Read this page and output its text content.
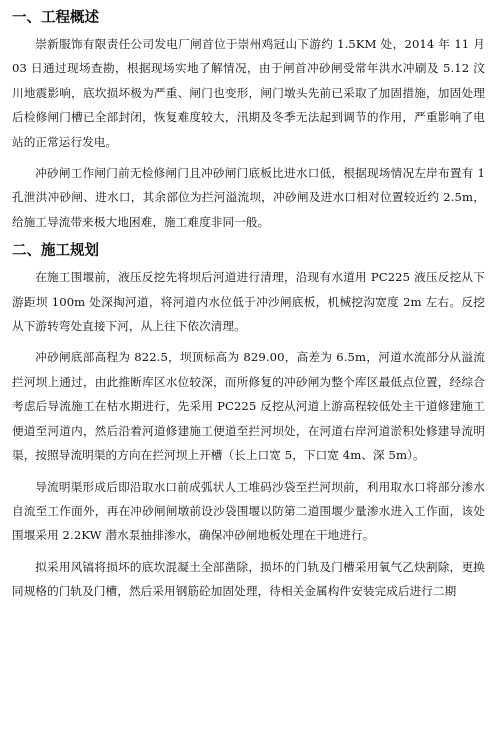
一、工程概述

崇新服饰有限责任公司发电厂闸首位于崇州鸡冠山下游约 1.5KM 处，2014 年 11 月 03 日通过现场查勘，根据现场实地了解情况，由于闸首冲砂闸受常年洪水冲刷及 5.12 汶川地震影响，底坎损坏极为严重、闸门也变形，闸门墩头先前已采取了加固措施，加固处理后检修闸门槽已全部封闭，恢复难度较大，汛期及冬季无法起到调节的作用，严重影响了电站的正常运行发电。

冲砂闸工作闸门前无检修闸门且冲砂闸门底板比进水口低，根据现场情况左岸布置有 1 孔泄洪冲砂闸、进水口，其余部位为拦河溢流坝，冲砂闸及进水口相对位置较近约 2.5m，给施工导流带来极大地困难，施工难度非同一般。

二、施工规划

在施工围堰前，液压反挖先将坝后河道进行清理，沿现有水道用 PC225 液压反挖从下游距坝 100m 处深掏河道，将河道内水位低于冲沙闸底板，机械挖沟宽度 2m 左右。反挖从下游转弯处直接下河，从上往下依次清理。

冲砂闸底部高程为 822.5，坝顶标高为 829.00，高差为 6.5m，河道水流部分从溢流拦河坝上通过，由此推断库区水位较深，而所修复的冲砂闸为整个库区最低点位置，经综合考虑后导流施工在枯水期进行，先采用 PC225 反挖从河道上游高程较低处主干道修建施工便道至河道内，然后沿着河道修建施工便道至拦河坝处，在河道右岸河道淤积处修建导流明渠，按照导流明渠的方向在拦河坝上开槽（长上口宽 5，下口宽 4m、深 5m）。

导流明渠形成后即沿取水口前成弧状人工堆码沙袋至拦河坝前，利用取水口将部分渗水自流至工作面外，再在冲砂闸闸墩前设沙袋围堰以防第二道围堰少量渗水进入工作面，该处围堰采用 2.2KW 潜水泵抽排渗水，确保冲砂闸地板处理在干地进行。

拟采用风镐将损坏的底坎混凝土全部凿除，损坏的门轨及门槽采用氧气乙炔割除，更换同规格的门轨及门槽，然后采用钢筋砼加固处理，待相关金属构件安装完成后进行二期
